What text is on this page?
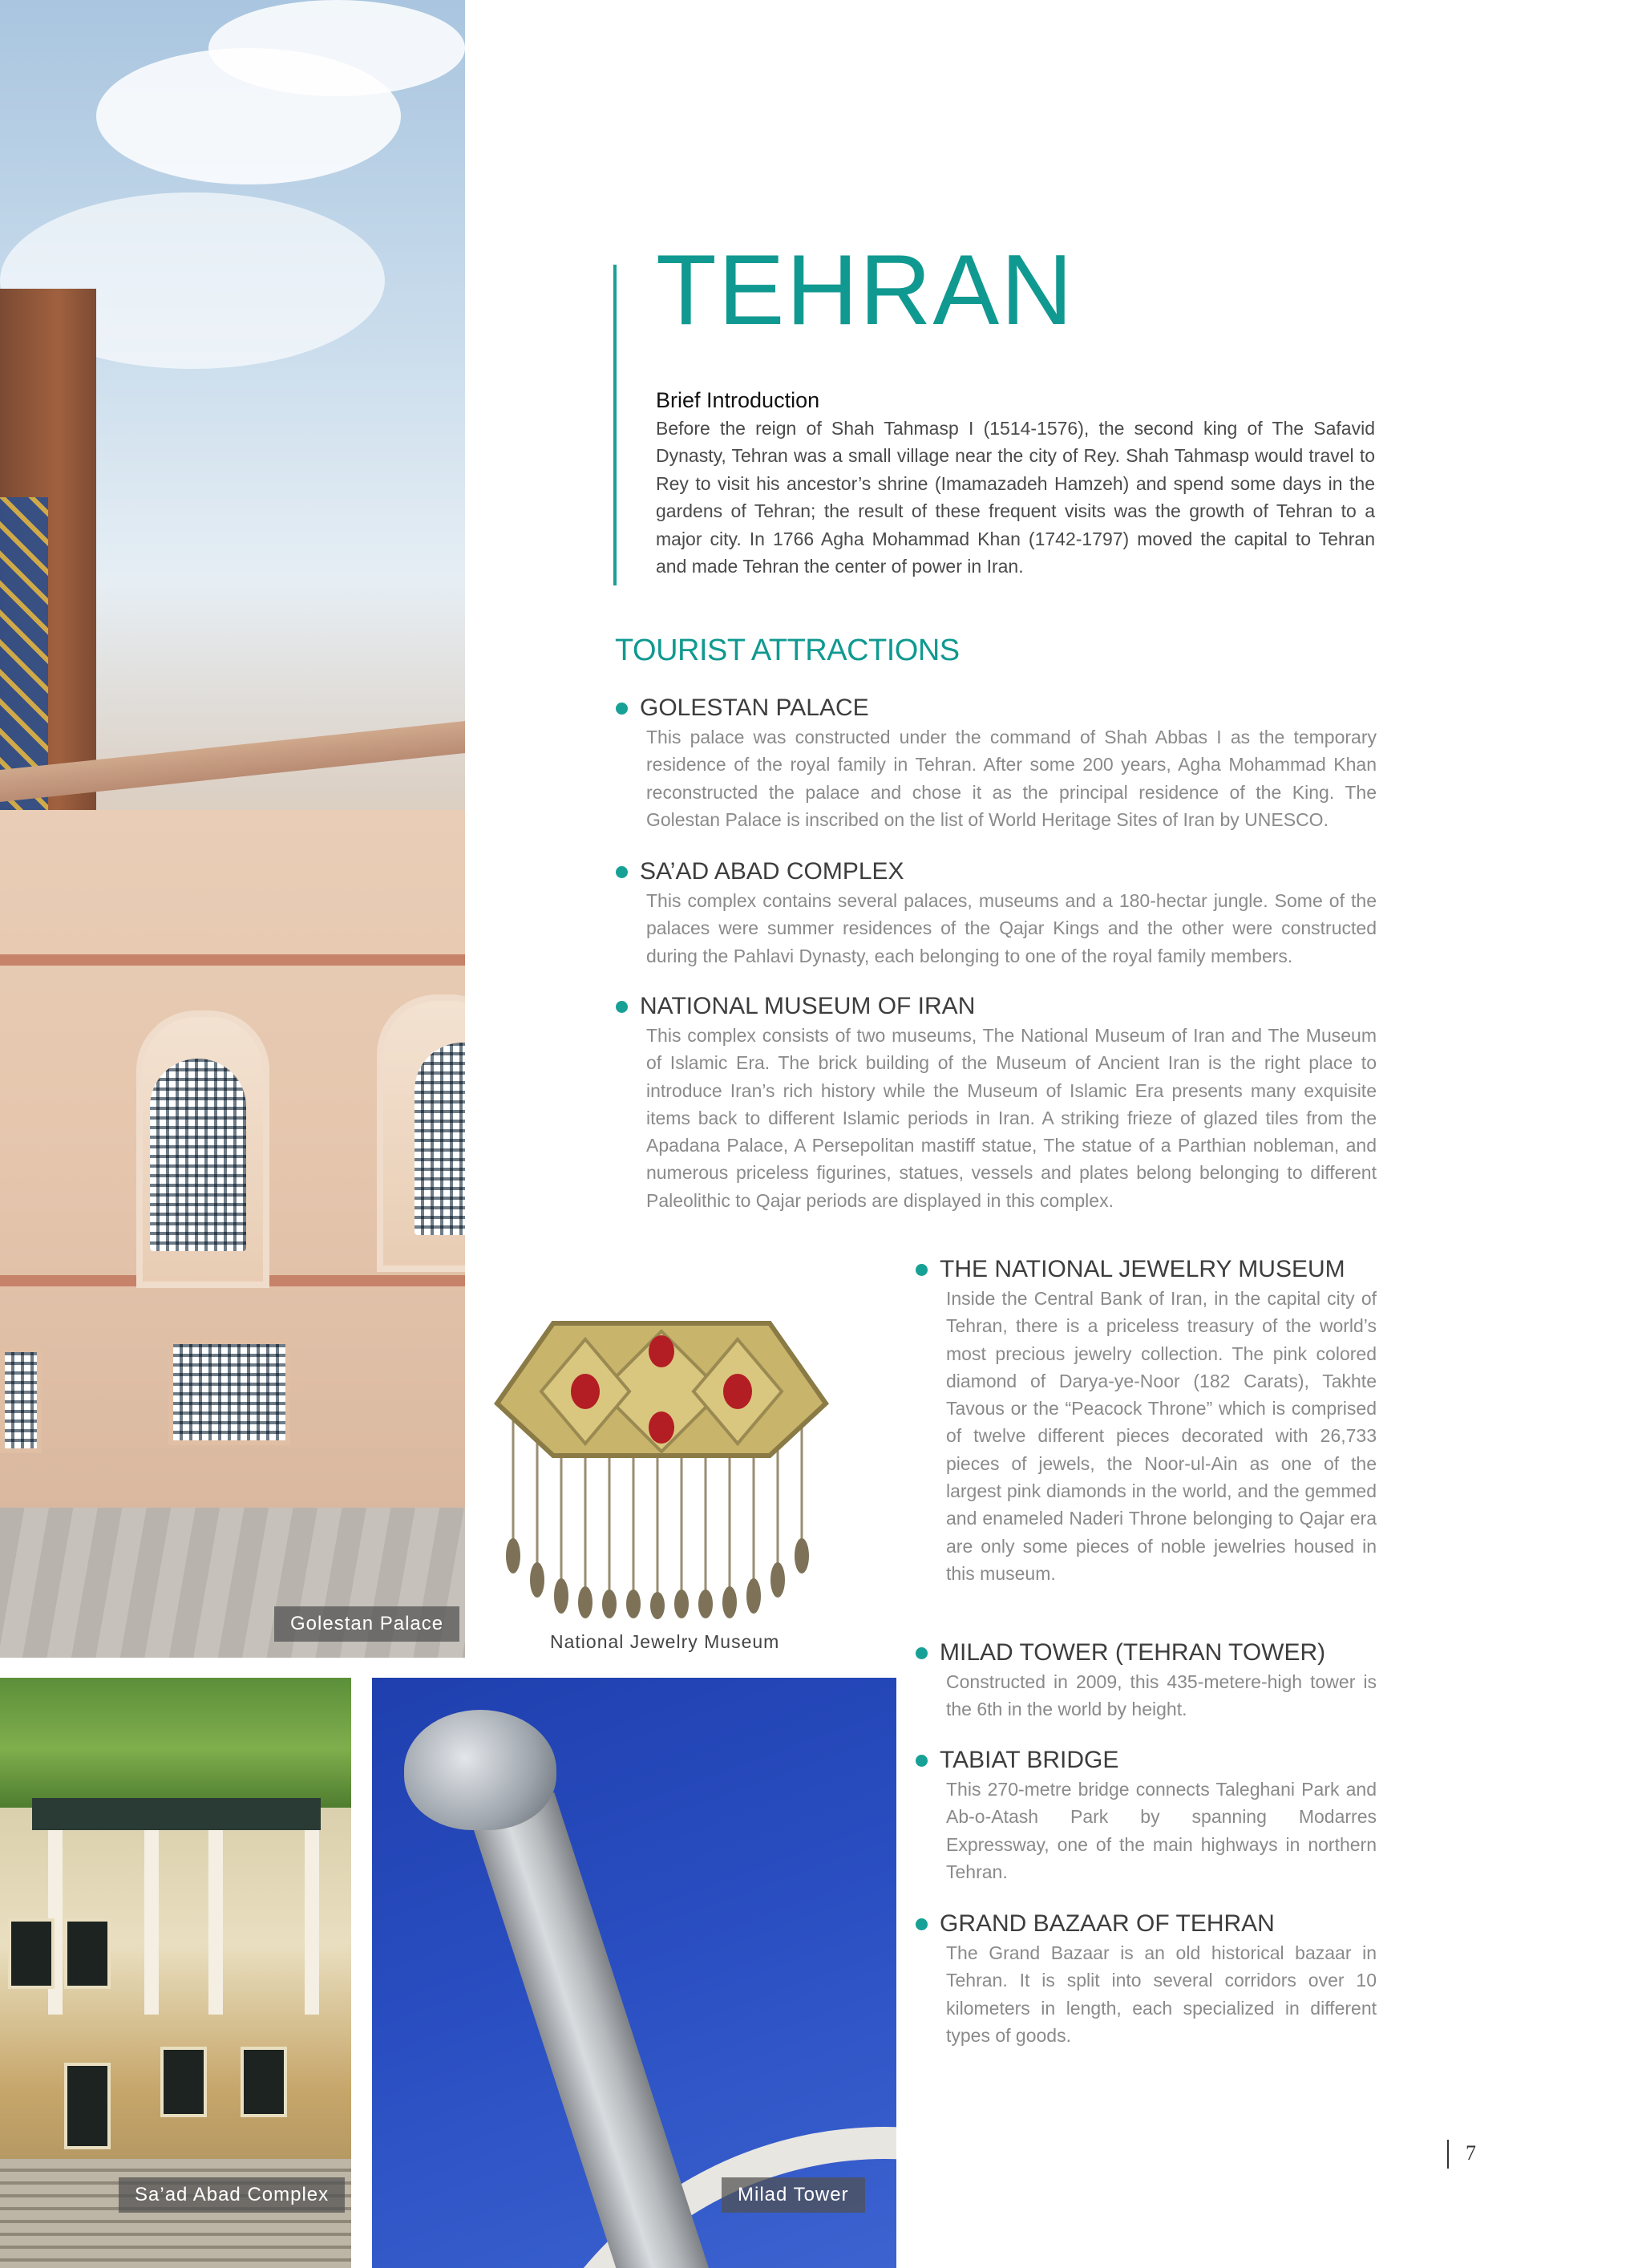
Golestan Palace
Sa’ad Abad Complex	Milad Tower
National Jewelry Museum
TEHRAN
Brief Introduction
Before the reign of Shah Tahmasp I (1514-1576), the second king of The Safavid Dynasty, Tehran was a small village near the city of Rey. Shah Tahmasp would travel to Rey to visit his ancestor’s shrine (Imamazadeh Hamzeh) and spend some days in the gardens of Tehran; the result of these frequent visits was the growth of Tehran to a major city. In 1766 Agha Mohammad Khan (1742-1797) moved the capital to Tehran and made Tehran the center of power in Iran.
TOURIST ATTRACTIONS
GOLESTAN PALACE
This palace was constructed under the command of Shah Abbas I as the temporary residence of the royal family in Tehran. After some 200 years, Agha Mohammad Khan reconstructed the palace and chose it as the principal residence of the King. The Golestan Palace is inscribed on the list of World Heritage Sites of Iran by UNESCO.
SA’AD ABAD COMPLEX
This complex contains several palaces, museums and a 180-hectar jungle. Some of the palaces were summer residences of the Qajar Kings and the other were constructed during the Pahlavi Dynasty, each belonging to one of the royal family members.
NATIONAL MUSEUM OF IRAN
This complex consists of two museums, The National Museum of Iran and The Museum of Islamic Era. The brick building of the Museum of Ancient Iran is the right place to introduce Iran’s rich history while the Museum of Islamic Era presents many exquisite items back to different Islamic periods in Iran. A striking frieze of glazed tiles from the Apadana Palace, A Persepolitan mastiff statue, The statue of a Parthian nobleman, and numerous priceless figurines, statues, vessels and plates belong belonging to different Paleolithic to Qajar periods are displayed in this complex.
THE NATIONAL JEWELRY MUSEUM
Inside the Central Bank of Iran, in the capital city of Tehran, there is a priceless treasury of the world’s most precious jewelry collection. The pink colored diamond of Darya-ye-Noor (182 Carats), Takhte Tavous or the “Peacock Throne” which is comprised of twelve different pieces decorated with 26,733 pieces of jewels, the Noor-ul-Ain as one of the largest pink diamonds in the world, and the gemmed and enameled Naderi Throne belonging to Qajar era are only some pieces of noble jewelries housed in this museum.
MILAD TOWER (TEHRAN TOWER)
Constructed in 2009, this 435-metere-high tower is the 6th in the world by height.
TABIAT BRIDGE
This 270-metre bridge connects Taleghani Park and Ab-o-Atash Park by spanning Modarres Expressway, one of the main highways in northern Tehran.
GRAND BAZAAR OF TEHRAN
The Grand Bazaar is an old historical bazaar in Tehran. It is split into several corridors over 10 kilometers in length, each specialized in different types of goods.
7
